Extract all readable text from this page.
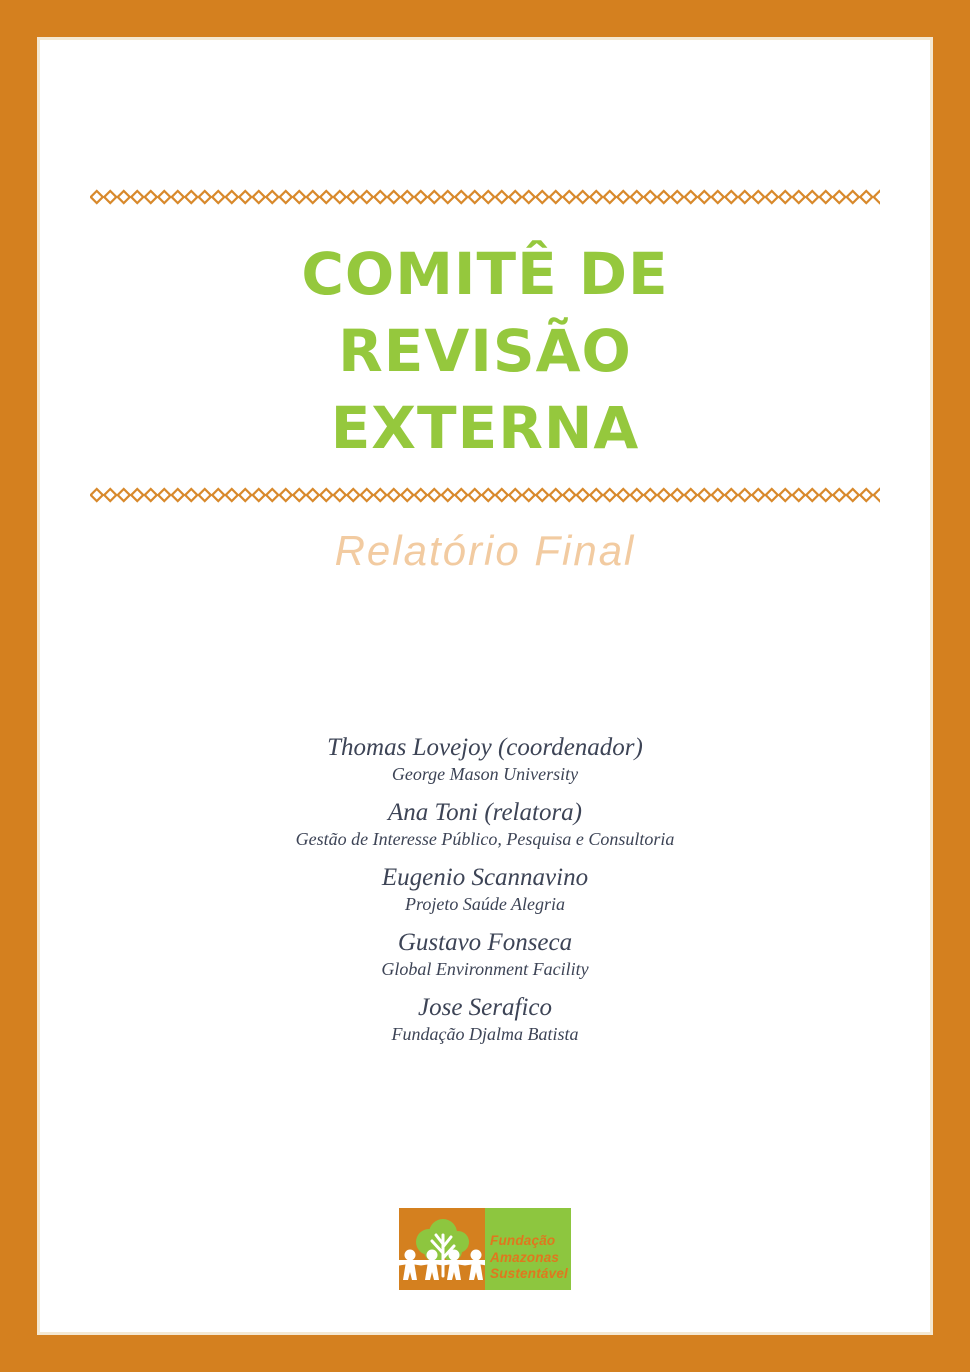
COMITÊ DE
REVISÃO
EXTERNA
Relatório Final
Thomas Lovejoy (coordenador)
George Mason University
Ana Toni (relatora)
Gestão de Interesse Público, Pesquisa e Consultoria
Eugenio Scannavino
Projeto Saúde Alegria
Gustavo Fonseca
Global Environment Facility
Jose Serafico
Fundação Djalma Batista
Fundação
Amazonas
Sustentável
